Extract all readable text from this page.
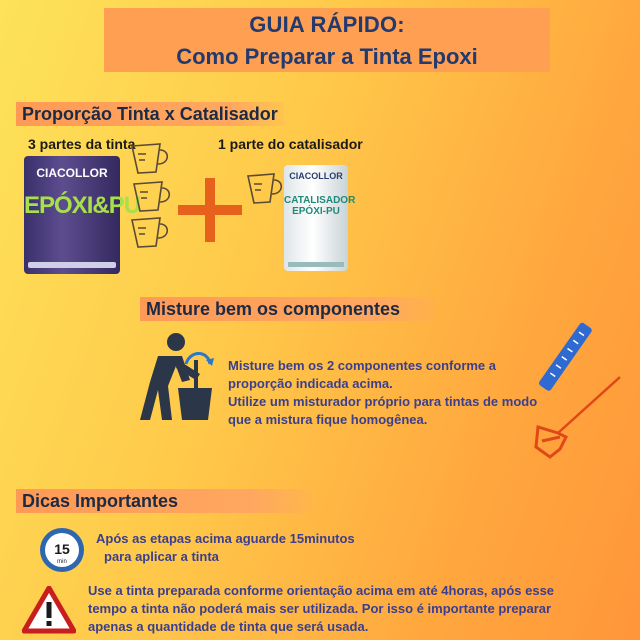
GUIA RÁPIDO:
Como Preparar a Tinta Epoxi
Proporção Tinta x Catalisador
3 partes da tinta	1 parte do catalisador
CIACOLLOR
EPÓXI&PU
CIACOLLOR
CATALISADOR EPÓXI-PU
Misture bem os componentes
Misture bem os 2 componentes conforme a
proporção indicada acima.
Utilize um misturador próprio para tintas de modo
que a mistura fique homogênea.
Dicas Importantes
15
min
Após as etapas acima aguarde 15minutos
para aplicar a tinta
Use a tinta preparada conforme orientação acima em até 4horas, após esse
tempo a tinta não poderá mais ser utilizada. Por isso é importante preparar
apenas a quantidade de tinta que será usada.
